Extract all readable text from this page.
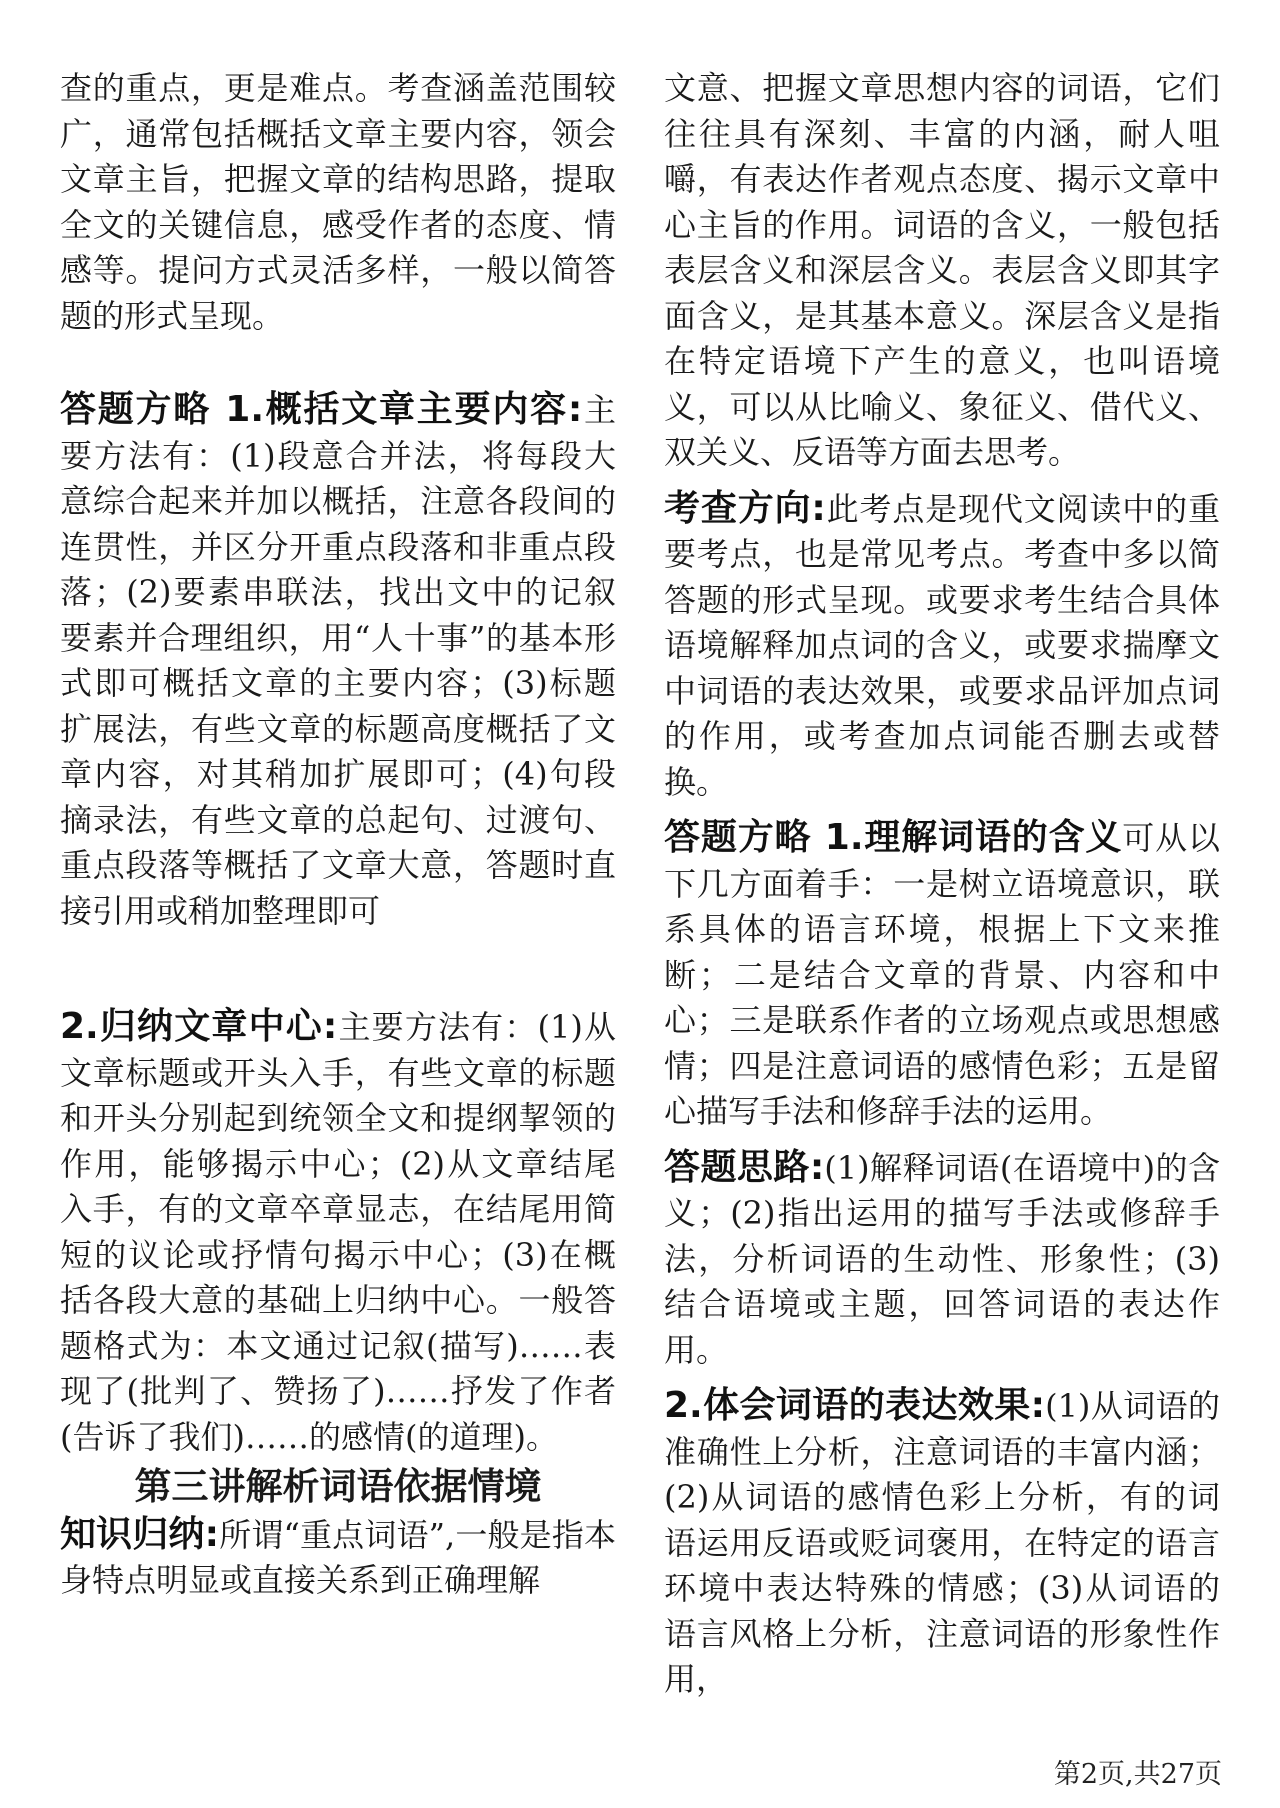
查的重点，更是难点。考查涵盖范围较广，通常包括概括文章主要内容，领会文章主旨，把握文章的结构思路，提取全文的关键信息，感受作者的态度、情感等。提问方式灵活多样，一般以简答题的形式呈现。

答题方略 1.概括文章主要内容:主要方法有：(1)段意合并法，将每段大意综合起来并加以概括，注意各段间的连贯性，并区分开重点段落和非重点段落；(2)要素串联法，找出文中的记叙要素并合理组织，用“人十事”的基本形式即可概括文章的主要内容；(3)标题扩展法，有些文章的标题高度概括了文章内容，对其稍加扩展即可；(4)句段摘录法，有些文章的总起句、过渡句、重点段落等概括了文章大意，答题时直接引用或稍加整理即可

2.归纳文章中心:主要方法有：(1)从文章标题或开头入手，有些文章的标题和开头分别起到统领全文和提纲挈领的作用，能够揭示中心；(2)从文章结尾入手，有的文章卒章显志，在结尾用简短的议论或抒情句揭示中心；(3)在概括各段大意的基础上归纳中心。一般答题格式为：本文通过记叙(描写)……表现了(批判了、赞扬了)……抒发了作者(告诉了我们)……的感情(的道理)。

第三讲解析词语依据情境

知识归纳:所谓“重点词语”,一般是指本身特点明显或直接关系到正确理解

文意、把握文章思想内容的词语，它们往往具有深刻、丰富的内涵，耐人咀嚼，有表达作者观点态度、揭示文章中心主旨的作用。词语的含义，一般包括表层含义和深层含义。表层含义即其字面含义，是其基本意义。深层含义是指在特定语境下产生的意义，也叫语境义，可以从比喻义、象征义、借代义、双关义、反语等方面去思考。

考查方向:此考点是现代文阅读中的重要考点，也是常见考点。考查中多以简答题的形式呈现。或要求考生结合具体语境解释加点词的含义，或要求揣摩文中词语的表达效果，或要求品评加点词的作用，或考查加点词能否删去或替换。

答题方略 1.理解词语的含义可从以下几方面着手：一是树立语境意识，联系具体的语言环境，根据上下文来推断；二是结合文章的背景、内容和中心；三是联系作者的立场观点或思想感情；四是注意词语的感情色彩；五是留心描写手法和修辞手法的运用。

答题思路:(1)解释词语(在语境中)的含义；(2)指出运用的描写手法或修辞手法，分析词语的生动性、形象性；(3)结合语境或主题，回答词语的表达作用。

2.体会词语的表达效果:(1)从词语的准确性上分析，注意词语的丰富内涵；(2)从词语的感情色彩上分析，有的词语运用反语或贬词褒用，在特定的语言环境中表达特殊的情感；(3)从词语的语言风格上分析，注意词语的形象性作用，

第2页,共27页
